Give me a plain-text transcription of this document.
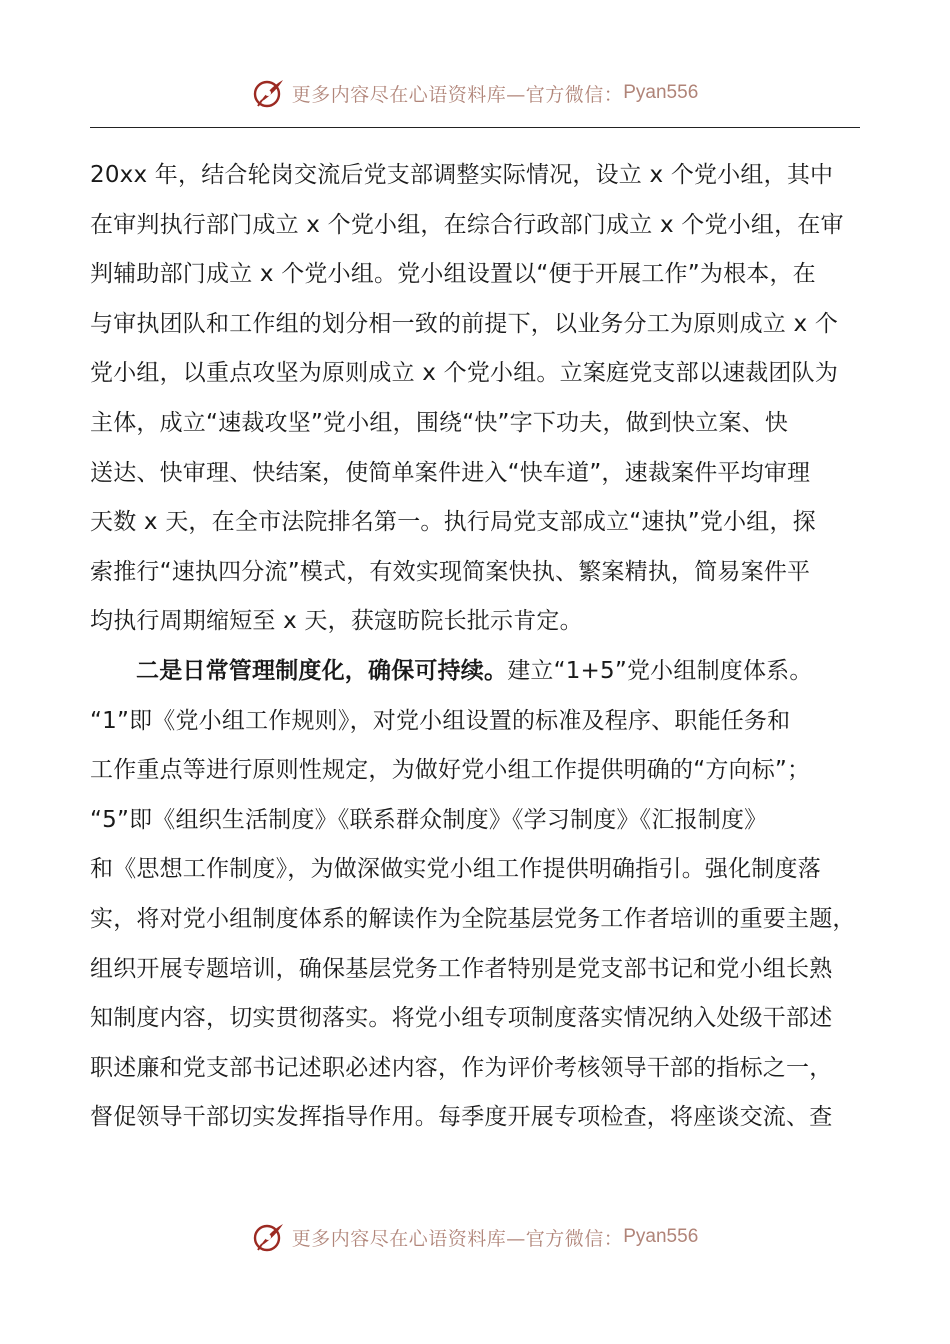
更多内容尽在心语资料库—官方微信： Pyan556
20xx 年，结合轮岗交流后党支部调整实际情况，设立 x 个党小组，其中
在审判执行部门成立 x 个党小组，在综合行政部门成立 x 个党小组，在审
判辅助部门成立 x 个党小组。党小组设置以“便于开展工作”为根本，在
与审执团队和工作组的划分相一致的前提下，以业务分工为原则成立 x 个
党小组，以重点攻坚为原则成立 x 个党小组。立案庭党支部以速裁团队为
主体，成立“速裁攻坚”党小组，围绕“快”字下功夫，做到快立案、快
送达、快审理、快结案，使简单案件进入“快车道”，速裁案件平均审理
天数 x 天，在全市法院排名第一。执行局党支部成立“速执”党小组，探
索推行“速执四分流”模式，有效实现简案快执、繁案精执，简易案件平
均执行周期缩短至 x 天，获寇昉院长批示肯定。
二是日常管理制度化，确保可持续。建立“1+5”党小组制度体系。
“1”即《党小组工作规则》，对党小组设置的标准及程序、职能任务和
工作重点等进行原则性规定，为做好党小组工作提供明确的“方向标”；
“5”即《组织生活制度》《联系群众制度》《学习制度》《汇报制度》
和《思想工作制度》，为做深做实党小组工作提供明确指引。强化制度落
实，将对党小组制度体系的解读作为全院基层党务工作者培训的重要主题，
组织开展专题培训，确保基层党务工作者特别是党支部书记和党小组长熟
知制度内容，切实贯彻落实。将党小组专项制度落实情况纳入处级干部述
职述廉和党支部书记述职必述内容，作为评价考核领导干部的指标之一，
督促领导干部切实发挥指导作用。每季度开展专项检查，将座谈交流、查
更多内容尽在心语资料库—官方微信： Pyan556
